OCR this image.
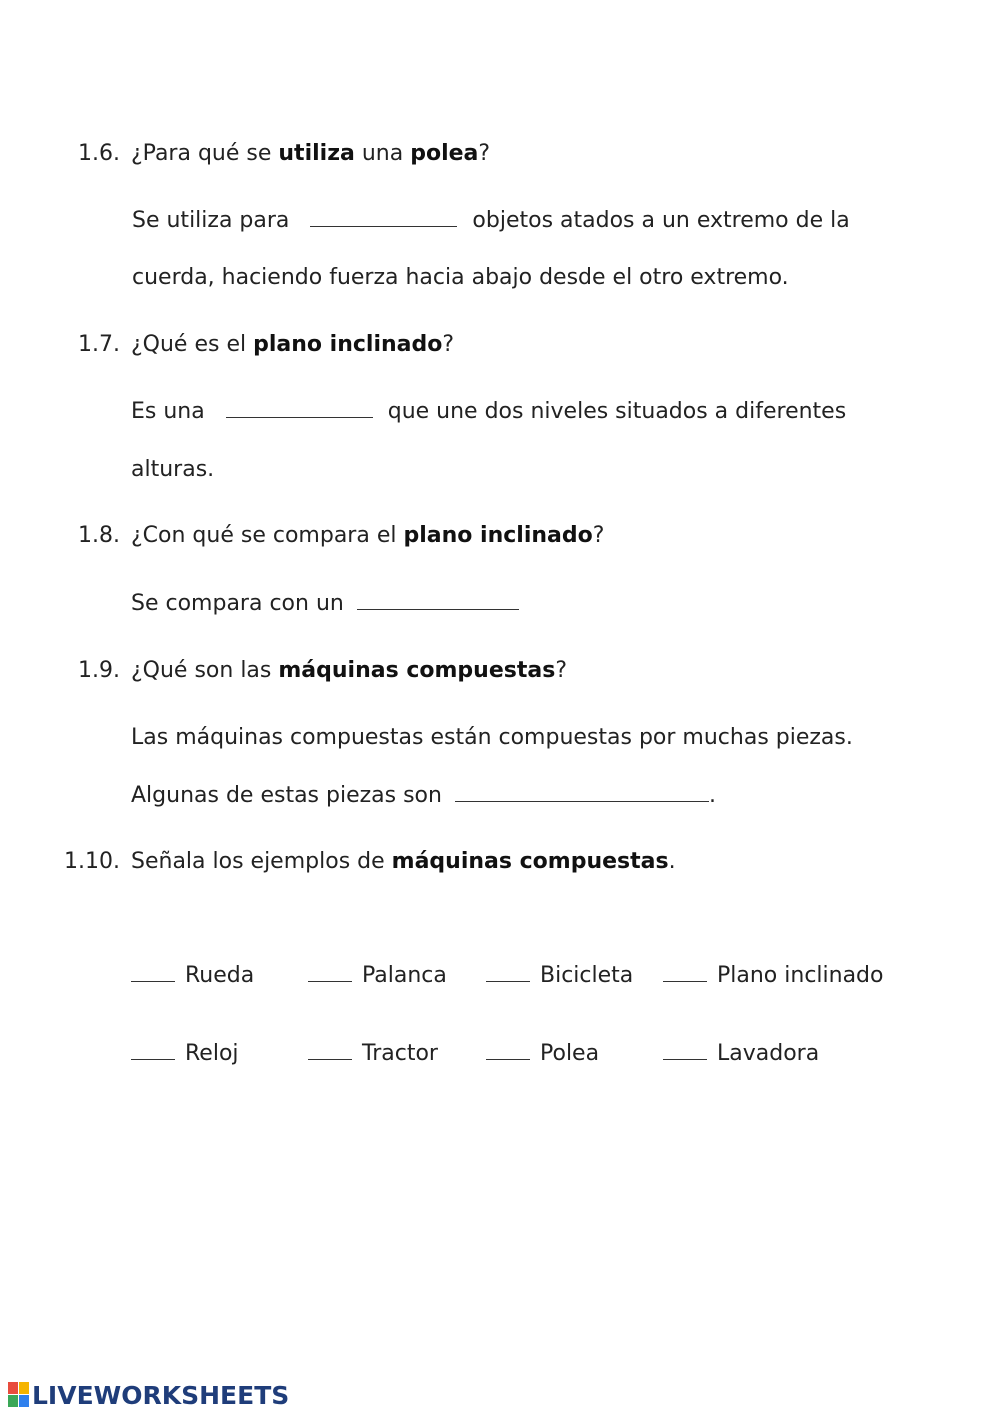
1.6. ¿Para qué se utiliza una polea?
Se utiliza para	objetos atados a un extremo de la
cuerda, haciendo fuerza hacia abajo desde el otro extremo.
1.7. ¿Qué es el plano inclinado?
Es una	que une dos niveles situados a diferentes
alturas.
1.8. ¿Con qué se compara el plano inclinado?
Se compara con un
1.9. ¿Qué son las máquinas compuestas?
Las máquinas compuestas están compuestas por muchas piezas.
Algunas de estas piezas son	.
1.10. Señala los ejemplos de máquinas compuestas.
Rueda	Palanca	Bicicleta	Plano inclinado
Reloj	Tractor	Polea	Lavadora
LIVEWORKSHEETS
